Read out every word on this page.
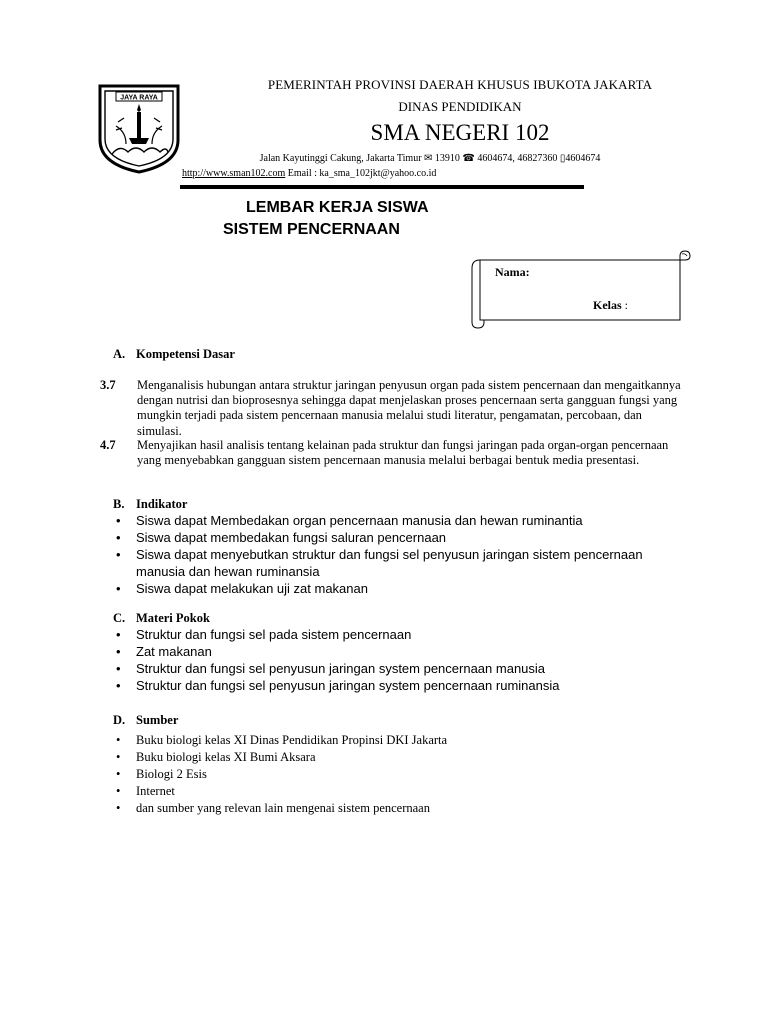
JAYA RAYA
PEMERINTAH PROVINSI DAERAH KHUSUS IBUKOTA JAKARTA
DINAS PENDIDIKAN
SMA NEGERI 102
Jalan Kayutinggi Cakung, Jakarta Timur ✉ 13910 ☎ 4604674, 46827360 ▯4604674
http://www.sman102.com Email : ka_sma_102jkt@yahoo.co.id
LEMBAR KERJA SISWA
SISTEM PENCERNAAN
Nama:
Kelas :
A. Kompetensi Dasar
3.7 Menganalisis hubungan antara struktur jaringan penyusun organ pada sistem pencernaan dan mengaitkannya dengan nutrisi dan bioprosesnya sehingga dapat menjelaskan proses pencernaan serta gangguan fungsi yang mungkin terjadi pada sistem pencernaan manusia melalui studi literatur, pengamatan, percobaan, dan simulasi.
4.7 Menyajikan hasil analisis tentang kelainan pada struktur dan fungsi jaringan pada organ-organ pencernaan yang menyebabkan gangguan sistem pencernaan manusia melalui berbagai bentuk media presentasi.
B. Indikator
• Siswa dapat Membedakan organ pencernaan manusia dan hewan ruminantia
• Siswa dapat membedakan fungsi saluran pencernaan
• Siswa dapat menyebutkan struktur dan fungsi sel penyusun jaringan sistem pencernaan manusia dan hewan ruminansia
• Siswa dapat melakukan uji zat makanan
C. Materi Pokok
• Struktur dan fungsi sel pada sistem pencernaan
• Zat makanan
• Struktur dan fungsi sel penyusun jaringan system pencernaan manusia
• Struktur dan fungsi sel penyusun jaringan system pencernaan ruminansia
D. Sumber
• Buku biologi kelas XI Dinas Pendidikan Propinsi DKI Jakarta
• Buku biologi kelas XI Bumi Aksara
• Biologi 2 Esis
• Internet
• dan sumber yang relevan lain mengenai sistem pencernaan
